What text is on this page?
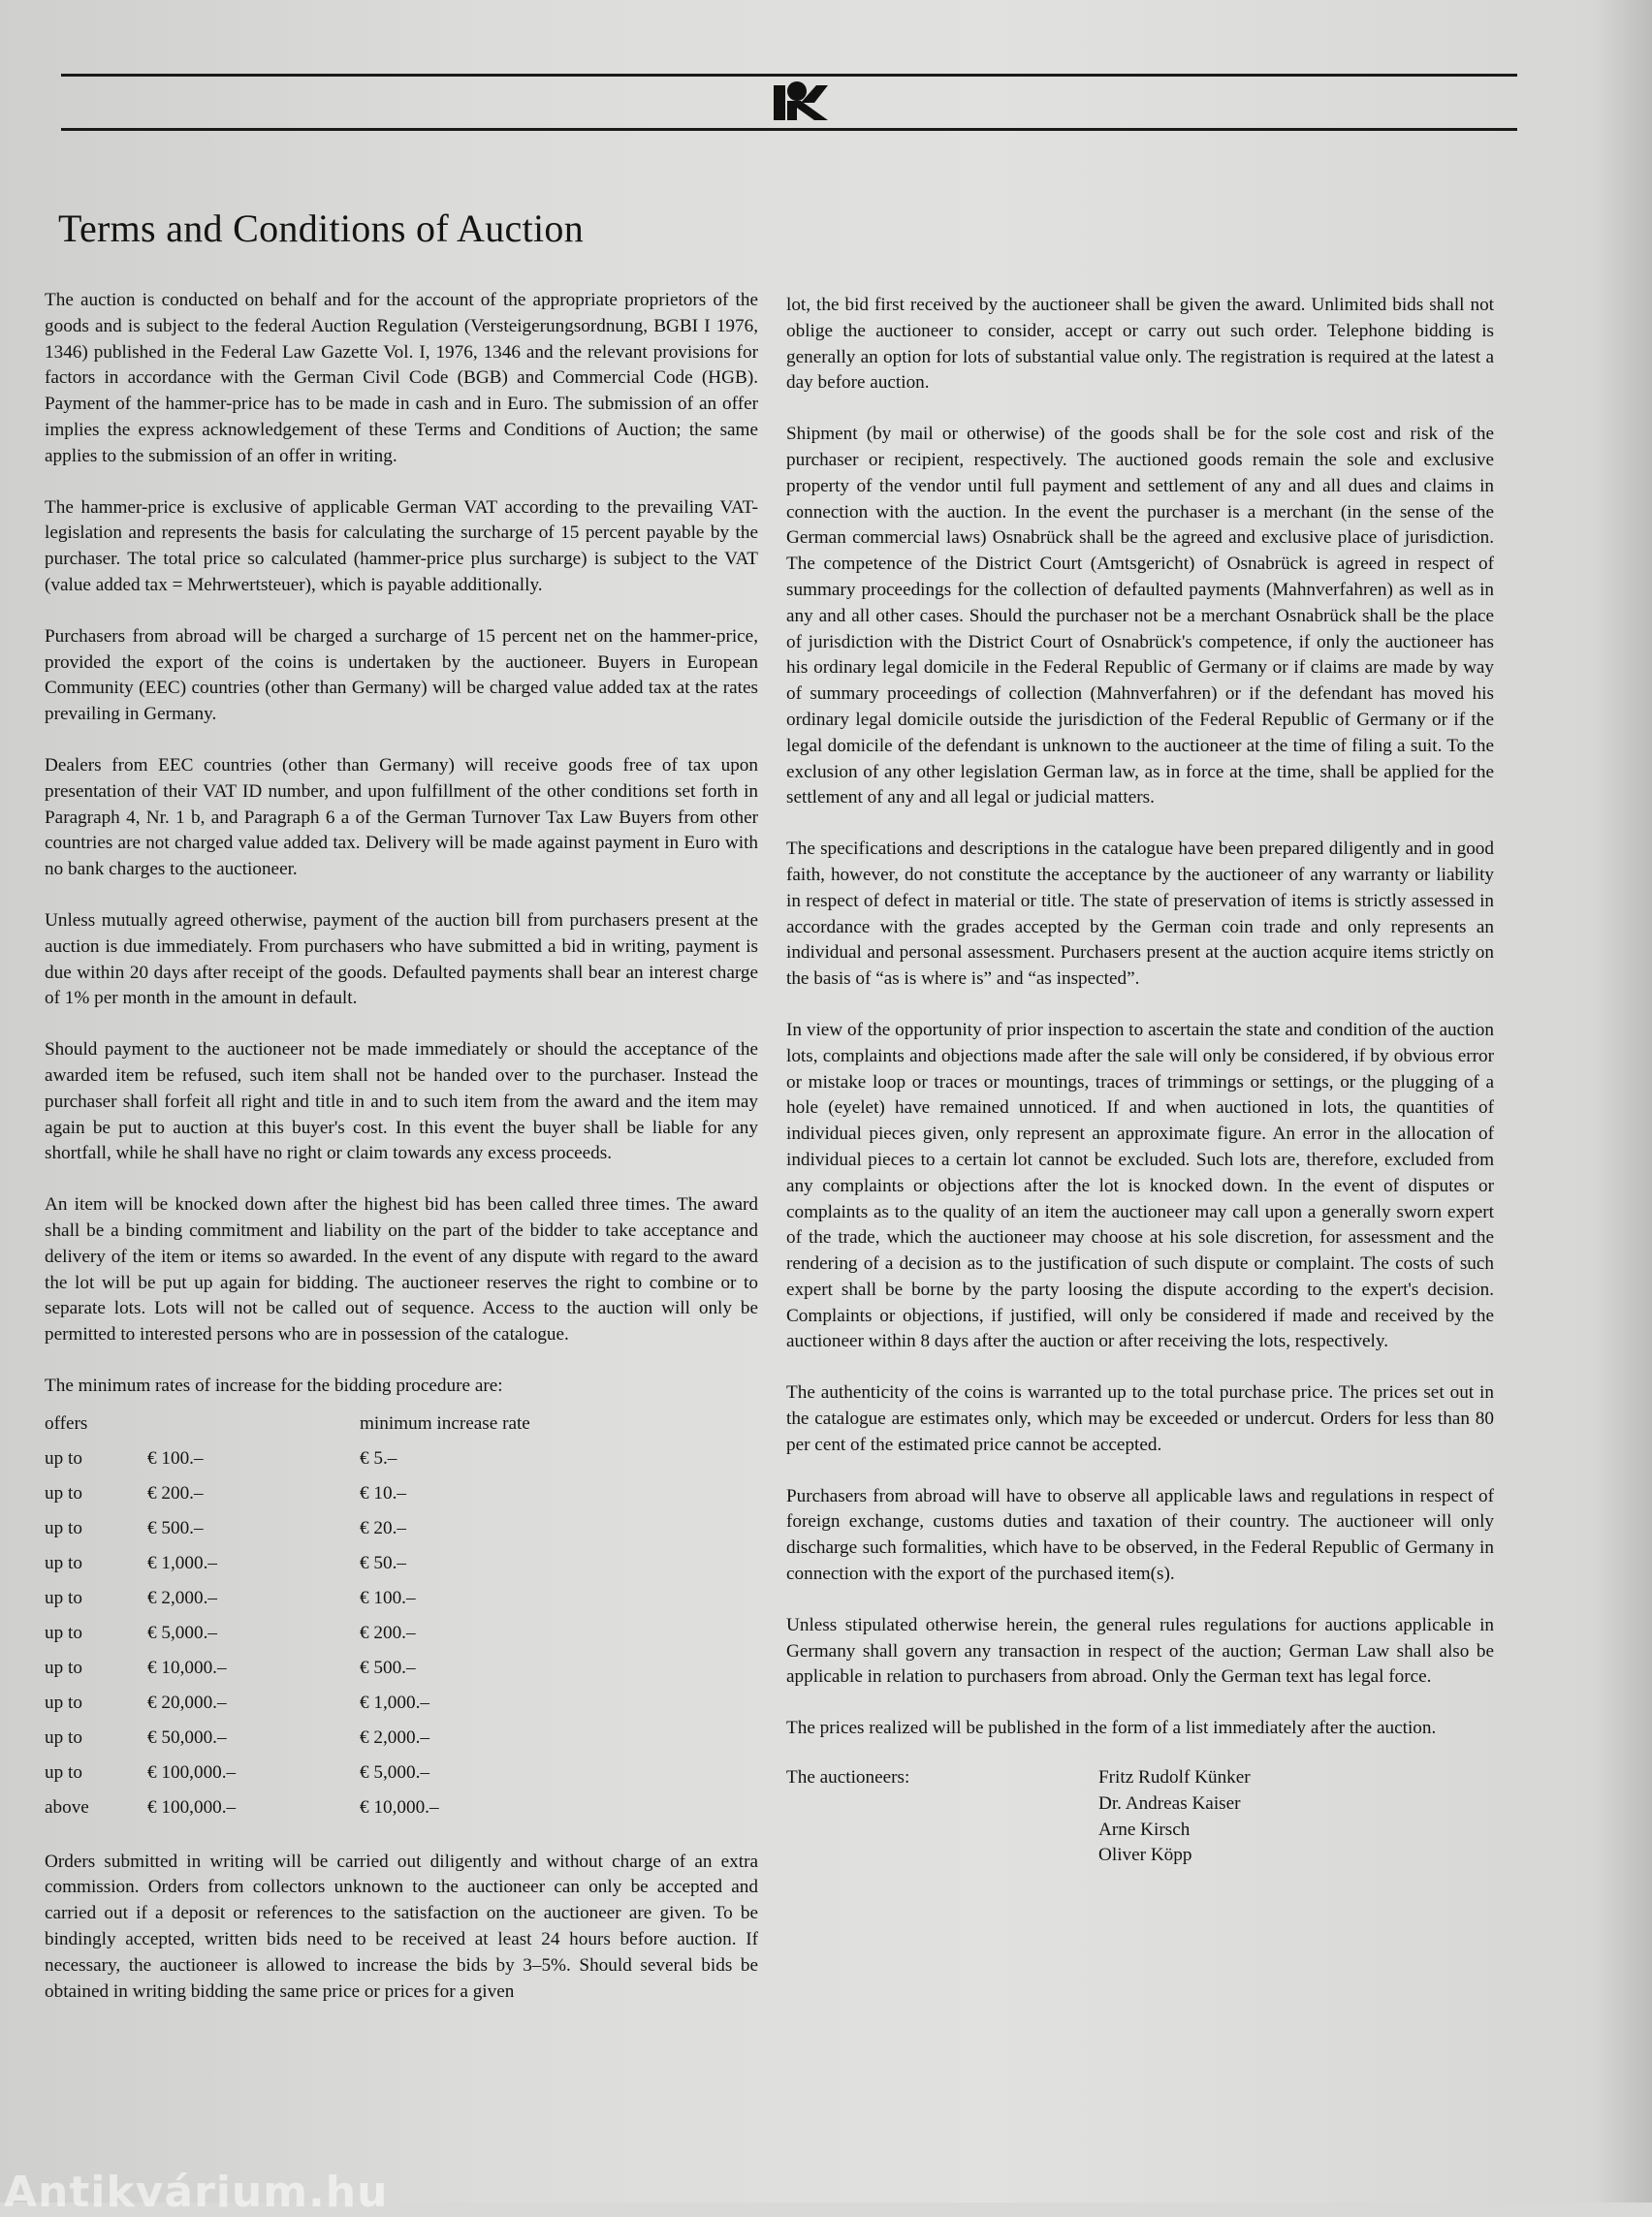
Terms and Conditions of Auction

The auction is conducted on behalf and for the account of the appropriate proprietors of the goods and is subject to the federal Auction Regulation (Versteigerungsordnung, BGBI I 1976, 1346) published in the Federal Law Gazette Vol. I, 1976, 1346 and the relevant provisions for factors in accordance with the German Civil Code (BGB) and Commercial Code (HGB). Payment of the hammer-price has to be made in cash and in Euro. The submission of an offer implies the express acknowledgement of these Terms and Conditions of Auction; the same applies to the submission of an offer in writing.

The hammer-price is exclusive of applicable German VAT according to the prevailing VAT-legislation and represents the basis for calculating the surcharge of 15 percent payable by the purchaser. The total price so calculated (hammer-price plus surcharge) is subject to the VAT (value added tax = Mehrwertsteuer), which is payable additionally.

Purchasers from abroad will be charged a surcharge of 15 percent net on the hammer-price, provided the export of the coins is undertaken by the auctioneer. Buyers in European Community (EEC) countries (other than Germany) will be charged value added tax at the rates prevailing in Germany.

Dealers from EEC countries (other than Germany) will receive goods free of tax upon presentation of their VAT ID number, and upon fulfillment of the other conditions set forth in Paragraph 4, Nr. 1 b, and Paragraph 6 a of the German Turnover Tax Law Buyers from other countries are not charged value added tax. Delivery will be made against payment in Euro with no bank charges to the auctioneer.

Unless mutually agreed otherwise, payment of the auction bill from purchasers present at the auction is due immediately. From purchasers who have submitted a bid in writing, payment is due within 20 days after receipt of the goods. Defaulted payments shall bear an interest charge of 1% per month in the amount in default.

Should payment to the auctioneer not be made immediately or should the acceptance of the awarded item be refused, such item shall not be handed over to the purchaser. Instead the purchaser shall forfeit all right and title in and to such item from the award and the item may again be put to auction at this buyer's cost. In this event the buyer shall be liable for any shortfall, while he shall have no right or claim towards any excess proceeds.

An item will be knocked down after the highest bid has been called three times. The award shall be a binding commitment and liability on the part of the bidder to take acceptance and delivery of the item or items so awarded. In the event of any dispute with regard to the award the lot will be put up again for bidding. The auctioneer reserves the right to combine or to separate lots. Lots will not be called out of sequence. Access to the auction will only be permitted to interested persons who are in possession of the catalogue.

The minimum rates of increase for the bidding procedure are:

offers		minimum increase rate
up to	€ 100.–	€ 5.–
up to	€ 200.–	€ 10.–
up to	€ 500.–	€ 20.–
up to	€ 1,000.–	€ 50.–
up to	€ 2,000.–	€ 100.–
up to	€ 5,000.–	€ 200.–
up to	€ 10,000.–	€ 500.–
up to	€ 20,000.–	€ 1,000.–
up to	€ 50,000.–	€ 2,000.–
up to	€ 100,000.–	€ 5,000.–
above	€ 100,000.–	€ 10,000.–

Orders submitted in writing will be carried out diligently and without charge of an extra commission. Orders from collectors unknown to the auctioneer can only be accepted and carried out if a deposit or references to the satisfaction on the auctioneer are given. To be bindingly accepted, written bids need to be received at least 24 hours before auction. If necessary, the auctioneer is allowed to increase the bids by 3–5%. Should several bids be obtained in writing bidding the same price or prices for a given

lot, the bid first received by the auctioneer shall be given the award. Unlimited bids shall not oblige the auctioneer to consider, accept or carry out such order. Telephone bidding is generally an option for lots of substantial value only. The registration is required at the latest a day before auction.

Shipment (by mail or otherwise) of the goods shall be for the sole cost and risk of the purchaser or recipient, respectively. The auctioned goods remain the sole and exclusive property of the vendor until full payment and settlement of any and all dues and claims in connection with the auction. In the event the purchaser is a merchant (in the sense of the German commercial laws) Osnabrück shall be the agreed and exclusive place of jurisdiction. The competence of the District Court (Amtsgericht) of Osnabrück is agreed in respect of summary proceedings for the collection of defaulted payments (Mahnverfahren) as well as in any and all other cases. Should the purchaser not be a merchant Osnabrück shall be the place of jurisdiction with the District Court of Osnabrück's competence, if only the auctioneer has his ordinary legal domicile in the Federal Republic of Germany or if claims are made by way of summary proceedings of collection (Mahnverfahren) or if the defendant has moved his ordinary legal domicile outside the jurisdiction of the Federal Republic of Germany or if the legal domicile of the defendant is unknown to the auctioneer at the time of filing a suit. To the exclusion of any other legislation German law, as in force at the time, shall be applied for the settlement of any and all legal or judicial matters.

The specifications and descriptions in the catalogue have been prepared diligently and in good faith, however, do not constitute the acceptance by the auctioneer of any warranty or liability in respect of defect in material or title. The state of preservation of items is strictly assessed in accordance with the grades accepted by the German coin trade and only represents an individual and personal assessment. Purchasers present at the auction acquire items strictly on the basis of “as is where is” and “as inspected”.

In view of the opportunity of prior inspection to ascertain the state and condition of the auction lots, complaints and objections made after the sale will only be considered, if by obvious error or mistake loop or traces or mountings, traces of trimmings or settings, or the plugging of a hole (eyelet) have remained unnoticed. If and when auctioned in lots, the quantities of individual pieces given, only represent an approximate figure. An error in the allocation of individual pieces to a certain lot cannot be excluded. Such lots are, therefore, excluded from any complaints or objections after the lot is knocked down. In the event of disputes or complaints as to the quality of an item the auctioneer may call upon a generally sworn expert of the trade, which the auctioneer may choose at his sole discretion, for assessment and the rendering of a decision as to the justification of such dispute or complaint. The costs of such expert shall be borne by the party loosing the dispute according to the expert's decision. Complaints or objections, if justified, will only be considered if made and received by the auctioneer within 8 days after the auction or after receiving the lots, respectively.

The authenticity of the coins is warranted up to the total purchase price. The prices set out in the catalogue are estimates only, which may be exceeded or undercut. Orders for less than 80 per cent of the estimated price cannot be accepted.

Purchasers from abroad will have to observe all applicable laws and regulations in respect of foreign exchange, customs duties and taxation of their country. The auctioneer will only discharge such formalities, which have to be observed, in the Federal Republic of Germany in connection with the export of the purchased item(s).

Unless stipulated otherwise herein, the general rules regulations for auctions applicable in Germany shall govern any transaction in respect of the auction; German Law shall also be applicable in relation to purchasers from abroad. Only the German text has legal force.

The prices realized will be published in the form of a list immediately after the auction.

The auctioneers:	Fritz Rudolf Künker
Dr. Andreas Kaiser
Arne Kirsch
Oliver Köpp
Antikvárium.hu
